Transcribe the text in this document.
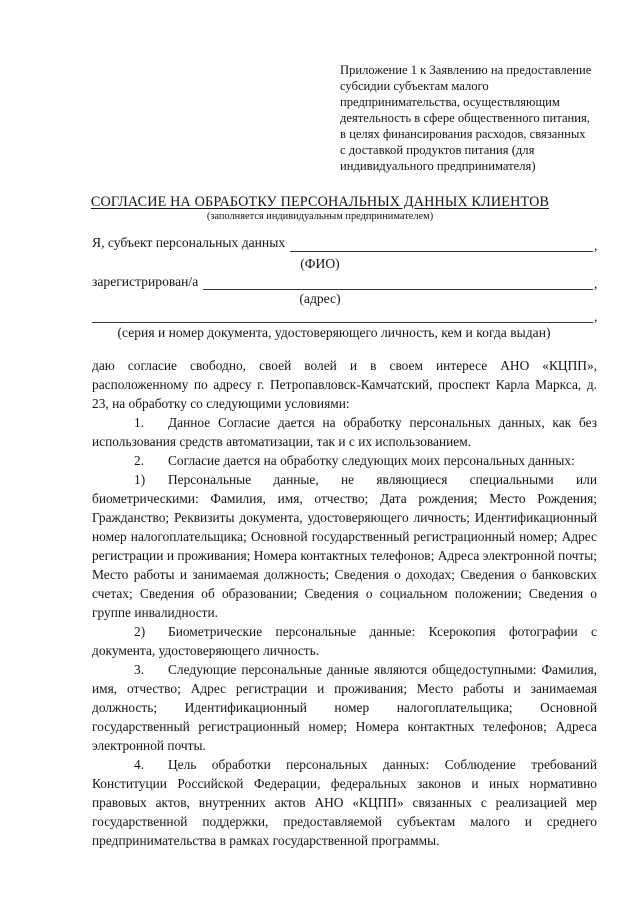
Приложение 1 к Заявлению на предоставление
субсидии субъектам малого
предпринимательства, осуществляющим
деятельность в сфере общественного питания,
в целях финансирования расходов, связанных
с доставкой продуктов питания (для
индивидуального предпринимателя)
СОГЛАСИЕ НА ОБРАБОТКУ ПЕРСОНАЛЬНЫХ ДАННЫХ КЛИЕНТОВ
(заполняется индивидуальным предпринимателем)
Я, субъект персональных данных	,
(ФИО)
зарегистрирован/а	,
(адрес)
,
(серия и номер документа, удостоверяющего личность, кем и когда выдан)

даю согласие свободно, своей волей и в своем интересе АНО «КЦПП», расположенному по адресу г. Петропавловск-Камчатский, проспект Карла Маркса, д. 23, на обработку со следующими условиями:

1. Данное Согласие дается на обработку персональных данных, как без использования средств автоматизации, так и с их использованием.

2. Согласие дается на обработку следующих моих персональных данных:

1) Персональные данные, не являющиеся специальными или биометрическими: Фамилия, имя, отчество; Дата рождения; Место Рождения; Гражданство; Реквизиты документа, удостоверяющего личность; Идентификационный номер налогоплательщика; Основной государственный регистрационный номер; Адрес регистрации и проживания; Номера контактных телефонов; Адреса электронной почты; Место работы и занимаемая должность; Сведения о доходах; Сведения о банковских счетах; Сведения об образовании; Сведения о социальном положении; Сведения о группе инвалидности.

2) Биометрические персональные данные: Ксерокопия фотографии с документа, удостоверяющего личность.

3. Следующие персональные данные являются общедоступными: Фамилия, имя, отчество; Адрес регистрации и проживания; Место работы и занимаемая должность; Идентификационный номер налогоплательщика; Основной государственный регистрационный номер; Номера контактных телефонов; Адреса электронной почты.

4. Цель обработки персональных данных: Соблюдение требований Конституции Российской Федерации, федеральных законов и иных нормативно правовых актов, внутренних актов АНО «КЦПП» связанных с реализацией мер государственной поддержки, предоставляемой субъектам малого и среднего предпринимательства в рамках государственной программы.
